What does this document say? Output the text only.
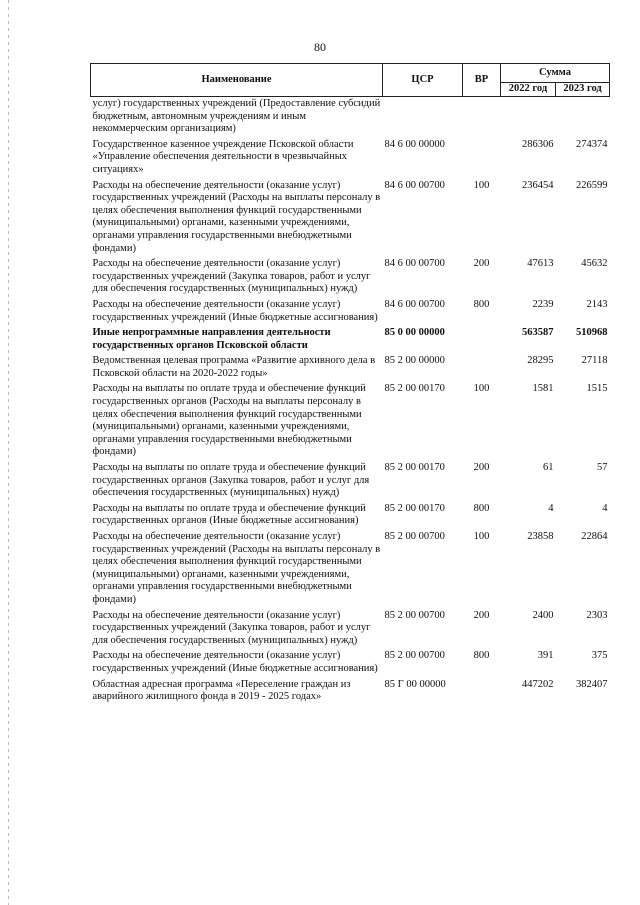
80
Наименование	ЦСР	ВР	Сумма	
			2022 год	2023 год
услуг) государственных учреждений (Предоставление субсидий бюджетным, автономным учреждениям и иным некоммерческим организациям)				
Государственное казенное учреждение Псковской области «Управление обеспечения деятельности в чрезвычайных ситуациях»	84 6 00 00000		286306	274374
Расходы на обеспечение деятельности (оказание услуг) государственных учреждений (Расходы на выплаты персоналу в целях обеспечения выполнения функций государственными (муниципальными) органами, казенными учреждениями, органами управления государственными внебюджетными фондами)	84 6 00 00700	100	236454	226599
Расходы на обеспечение деятельности (оказание услуг) государственных учреждений (Закупка товаров, работ и услуг для обеспечения государственных (муниципальных) нужд)	84 6 00 00700	200	47613	45632
Расходы на обеспечение деятельности (оказание услуг) государственных учреждений (Иные бюджетные ассигнования)	84 6 00 00700	800	2239	2143
Иные непрограммные направления деятельности государственных органов Псковской области	85 0 00 00000		563587	510968
Ведомственная целевая программа «Развитие архивного дела в Псковской области на 2020-2022 годы»	85 2 00 00000		28295	27118
Расходы на выплаты по оплате труда и обеспечение функций государственных органов (Расходы на выплаты персоналу в целях обеспечения выполнения функций государственными (муниципальными) органами, казенными учреждениями, органами управления государственными внебюджетными фондами)	85 2 00 00170	100	1581	1515
Расходы на выплаты по оплате труда и обеспечение функций государственных органов (Закупка товаров, работ и услуг для обеспечения государственных (муниципальных) нужд)	85 2 00 00170	200	61	57
Расходы на выплаты по оплате труда и обеспечение функций государственных органов (Иные бюджетные ассигнования)	85 2 00 00170	800	4	4
Расходы на обеспечение деятельности (оказание услуг) государственных учреждений (Расходы на выплаты персоналу в целях обеспечения выполнения функций государственными (муниципальными) органами, казенными учреждениями, органами управления государственными внебюджетными фондами)	85 2 00 00700	100	23858	22864
Расходы на обеспечение деятельности (оказание услуг) государственных учреждений (Закупка товаров, работ и услуг для обеспечения государственных (муниципальных) нужд)	85 2 00 00700	200	2400	2303
Расходы на обеспечение деятельности (оказание услуг) государственных учреждений (Иные бюджетные ассигнования)	85 2 00 00700	800	391	375
Областная адресная программа «Переселение граждан из аварийного жилищного фонда в 2019 - 2025 годах»	85 Г 00 00000		447202	382407
